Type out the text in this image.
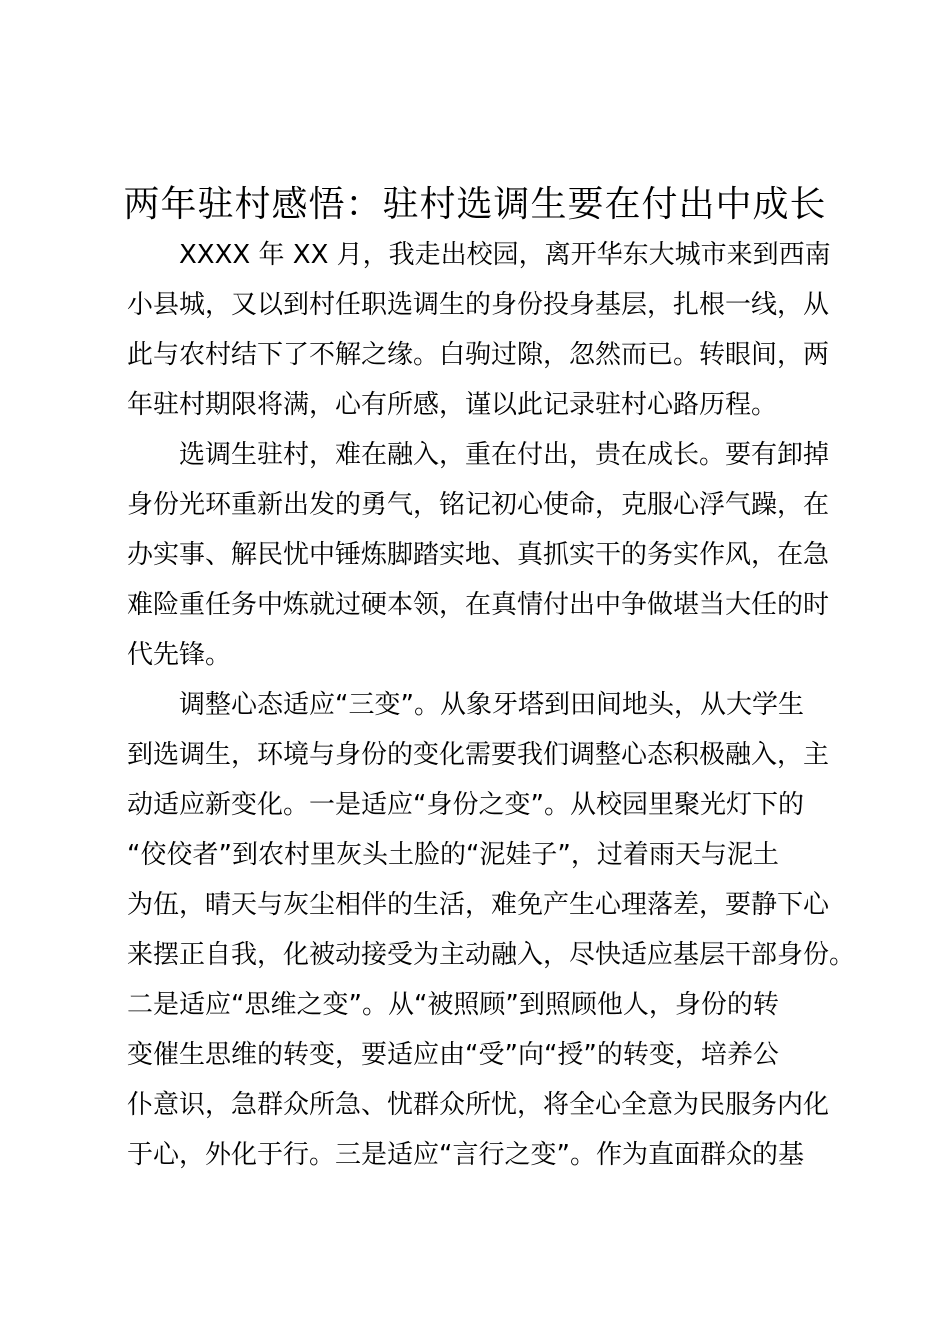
两年驻村感悟：驻村选调生要在付出中成长
XXXX 年 XX 月，我走出校园，离开华东大城市来到西南
小县城，又以到村任职选调生的身份投身基层，扎根一线，从
此与农村结下了不解之缘。白驹过隙，忽然而已。转眼间，两
年驻村期限将满，心有所感，谨以此记录驻村心路历程。
选调生驻村，难在融入，重在付出，贵在成长。要有卸掉
身份光环重新出发的勇气，铭记初心使命，克服心浮气躁，在
办实事、解民忧中锤炼脚踏实地、真抓实干的务实作风，在急
难险重任务中炼就过硬本领，在真情付出中争做堪当大任的时
代先锋。
调整心态适应“三变”。从象牙塔到田间地头，从大学生
到选调生，环境与身份的变化需要我们调整心态积极融入，主
动适应新变化。一是适应“身份之变”。从校园里聚光灯下的
“佼佼者”到农村里灰头土脸的“泥娃子”，过着雨天与泥土
为伍，晴天与灰尘相伴的生活，难免产生心理落差，要静下心
来摆正自我，化被动接受为主动融入，尽快适应基层干部身份。
二是适应“思维之变”。从“被照顾”到照顾他人，身份的转
变催生思维的转变，要适应由“受”向“授”的转变，培养公
仆意识，急群众所急、忧群众所忧，将全心全意为民服务内化
于心，外化于行。三是适应“言行之变”。作为直面群众的基
